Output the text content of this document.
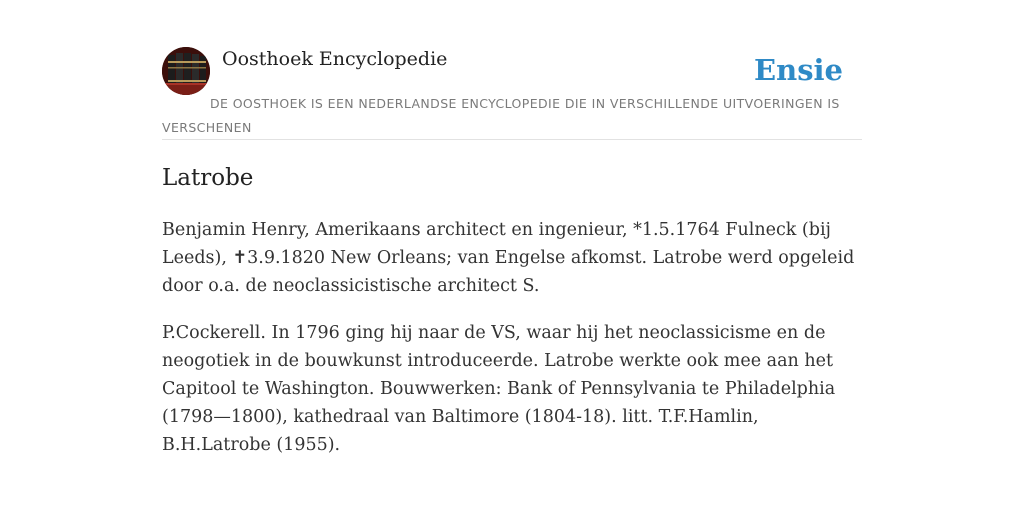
Oosthoek Encyclopedie	Ensie
DE OOSTHOEK IS EEN NEDERLANDSE ENCYCLOPEDIE DIE IN VERSCHILLENDE UITVOERINGEN IS VERSCHENEN
Latrobe

Benjamin Henry, Amerikaans architect en ingenieur, *1.5.1764 Fulneck (bij Leeds), ✝3.9.1820 New Orleans; van Engelse afkomst. Latrobe werd opgeleid door o.a. de neoclassicistische architect S.

P.Cockerell. In 1796 ging hij naar de VS, waar hij het neoclassicisme en de neogotiek in de bouwkunst introduceerde. Latrobe werkte ook mee aan het Capitool te Washington. Bouwwerken: Bank of Pennsylvania te Philadelphia (1798—1800), kathedraal van Baltimore (1804-18). litt. T.F.Hamlin, B.H.Latrobe (1955).
